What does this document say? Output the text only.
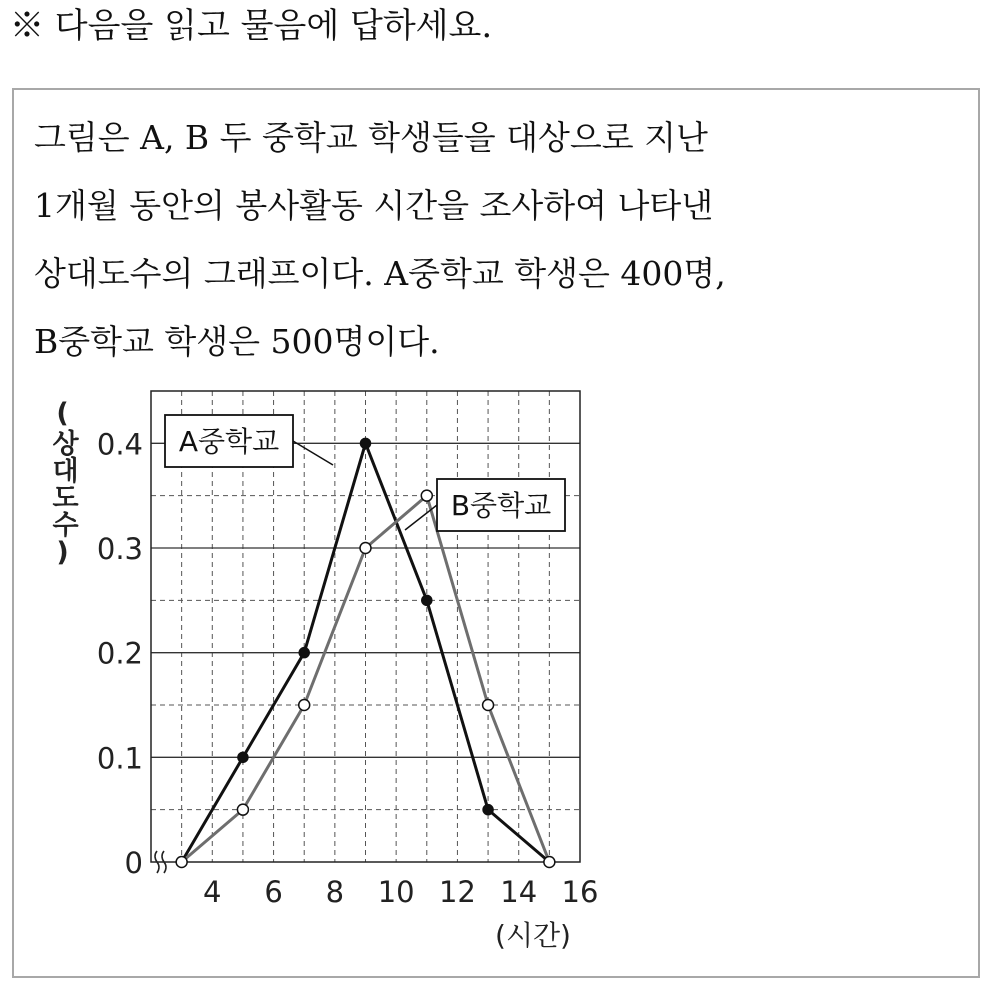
※ 다음을 읽고 물음에 답하세요.
그림은 A, B 두 중학교 학생들을 대상으로 지난
1개월 동안의 봉사활동 시간을 조사하여 나타낸
상대도수의 그래프이다. A중학교 학생은 400명,
B중학교 학생은 500명이다.
(상대도수)
4 6 8 10 12 14 16
(시간)
0
0.1
0.2
0.3
0.4 A중학교
B중학교
